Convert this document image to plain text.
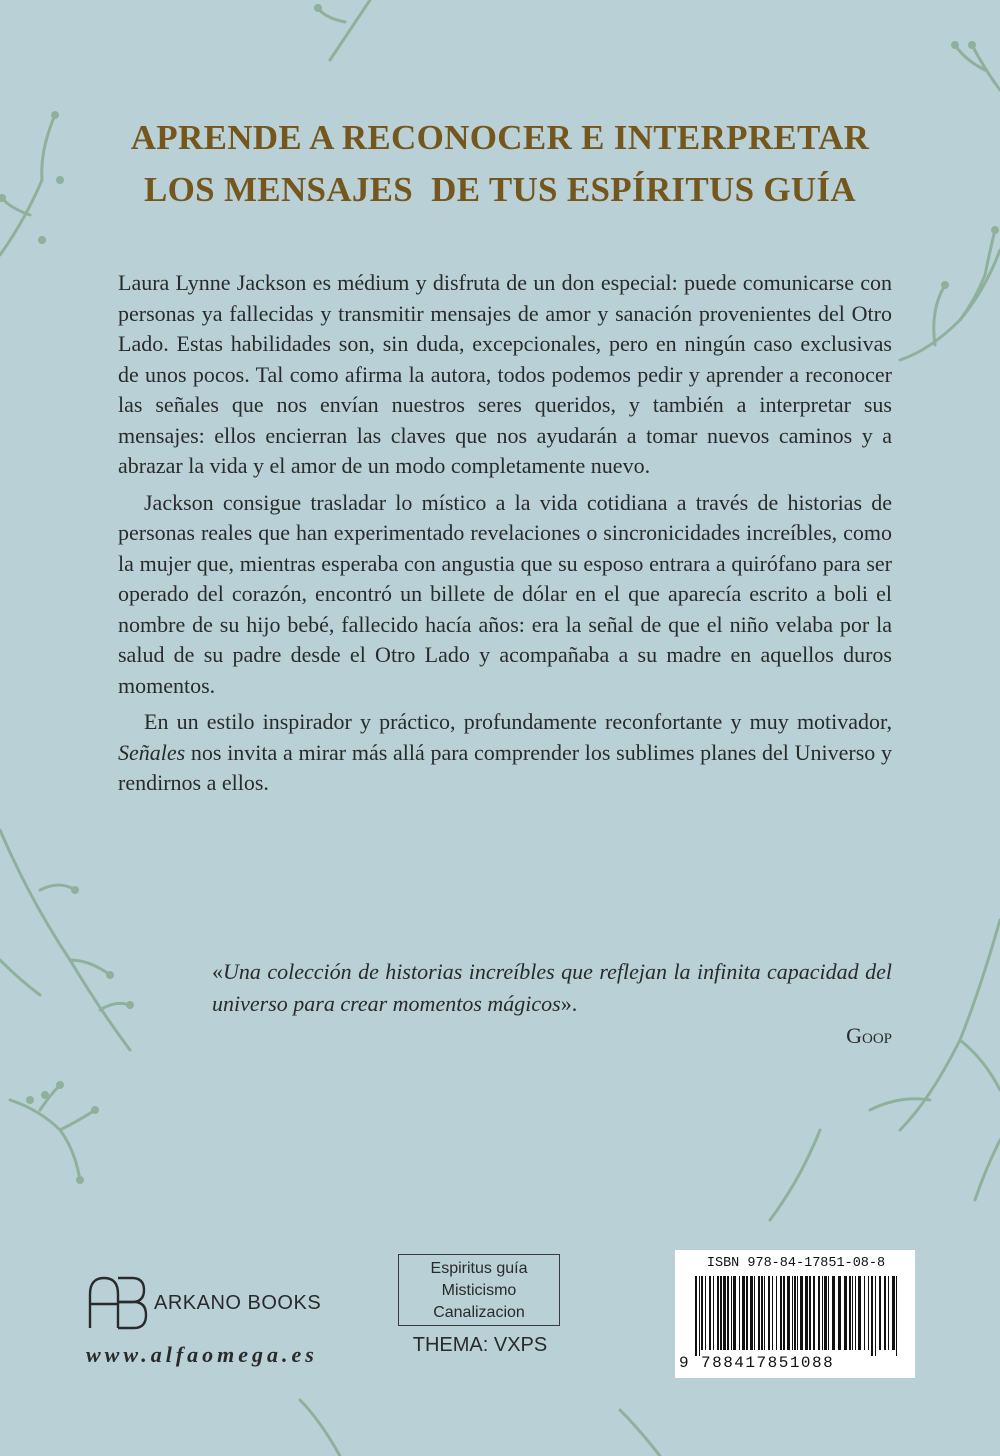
APRENDE A RECONOCER E INTERPRETAR
LOS MENSAJES  DE TUS ESPÍRITUS GUÍA

Laura Lynne Jackson es médium y disfruta de un don especial: puede comunicarse con personas ya fallecidas y transmitir mensajes de amor y sanación provenientes del Otro Lado. Estas habilidades son, sin duda, excepcionales, pero en ningún caso exclusivas de unos pocos. Tal como afirma la autora, todos podemos pedir y aprender a reconocer las señales que nos envían nuestros seres queridos, y también a interpretar sus mensajes: ellos encierran las claves que nos ayudarán a tomar nuevos caminos y a abrazar la vida y el amor de un modo completamente nuevo.

Jackson consigue trasladar lo místico a la vida cotidiana a través de historias de personas reales que han experimentado revelaciones o sincronicidades increíbles, como la mujer que, mientras esperaba con angustia que su esposo entrara a quirófano para ser operado del corazón, encontró un billete de dólar en el que aparecía escrito a boli el nombre de su hijo bebé, fallecido hacía años: era la señal de que el niño velaba por la salud de su padre desde el Otro Lado y acompañaba a su madre en aquellos duros momentos.

En un estilo inspirador y práctico, profundamente reconfortante y muy motivador, Señales nos invita a mirar más allá para comprender los sublimes planes del Universo y rendirnos a ellos.

«Una colección de historias increíbles que reflejan la infinita capacidad del universo para crear momentos mágicos».

Goop

ARKANO BOOKS
www.alfaomega.es
Espiritus guía
Misticismo
Canalizacion
THEMA: VXPS
ISBN 978-84-17851-08-8
9 788417851088
